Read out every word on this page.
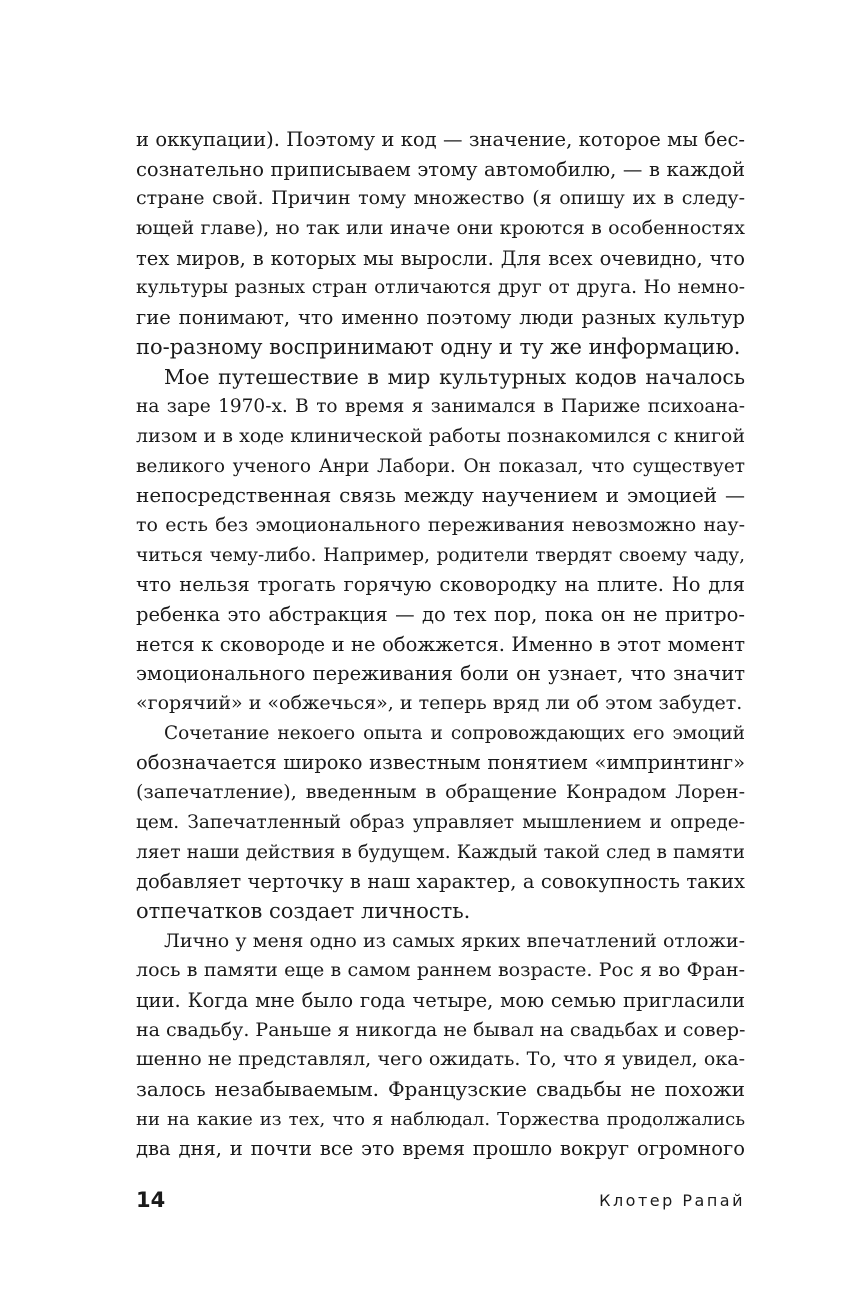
и оккупации). Поэтому и код — значение, которое мы бес-
сознательно приписываем этому автомобилю, — в каждой
стране свой. Причин тому множество (я опишу их в следу-
ющей главе), но так или иначе они кроются в особенностях
тех миров, в которых мы выросли. Для всех очевидно, что
культуры разных стран отличаются друг от друга. Но немно-
гие понимают, что именно поэтому люди разных культур
по-разному воспринимают одну и ту же информацию.
Мое путешествие в мир культурных кодов началось
на заре 1970-х. В то время я занимался в Париже психоана-
лизом и в ходе клинической работы познакомился с книгой
великого ученого Анри Лабори. Он показал, что существует
непосредственная связь между научением и эмоцией —
то есть без эмоционального переживания невозможно нау-
читься чему-либо. Например, родители твердят своему чаду,
что нельзя трогать горячую сковородку на плите. Но для
ребенка это абстракция — до тех пор, пока он не притро-
нется к сковороде и не обожжется. Именно в этот момент
эмоционального переживания боли он узнает, что значит
«горячий» и «обжечься», и теперь вряд ли об этом забудет.
Сочетание некоего опыта и сопровождающих его эмоций
обозначается широко известным понятием «импринтинг»
(запечатление), введенным в обращение Конрадом Лорен-
цем. Запечатленный образ управляет мышлением и опреде-
ляет наши действия в будущем. Каждый такой след в памяти
добавляет черточку в наш характер, а совокупность таких
отпечатков создает личность.
Лично у меня одно из самых ярких впечатлений отложи-
лось в памяти еще в самом раннем возрасте. Рос я во Фран-
ции. Когда мне было года четыре, мою семью пригласили
на свадьбу. Раньше я никогда не бывал на свадьбах и совер-
шенно не представлял, чего ожидать. То, что я увидел, ока-
залось незабываемым. Французские свадьбы не похожи
ни на какие из тех, что я наблюдал. Торжества продолжались
два дня, и почти все это время прошло вокруг огромного
14	Клотер Рапай
